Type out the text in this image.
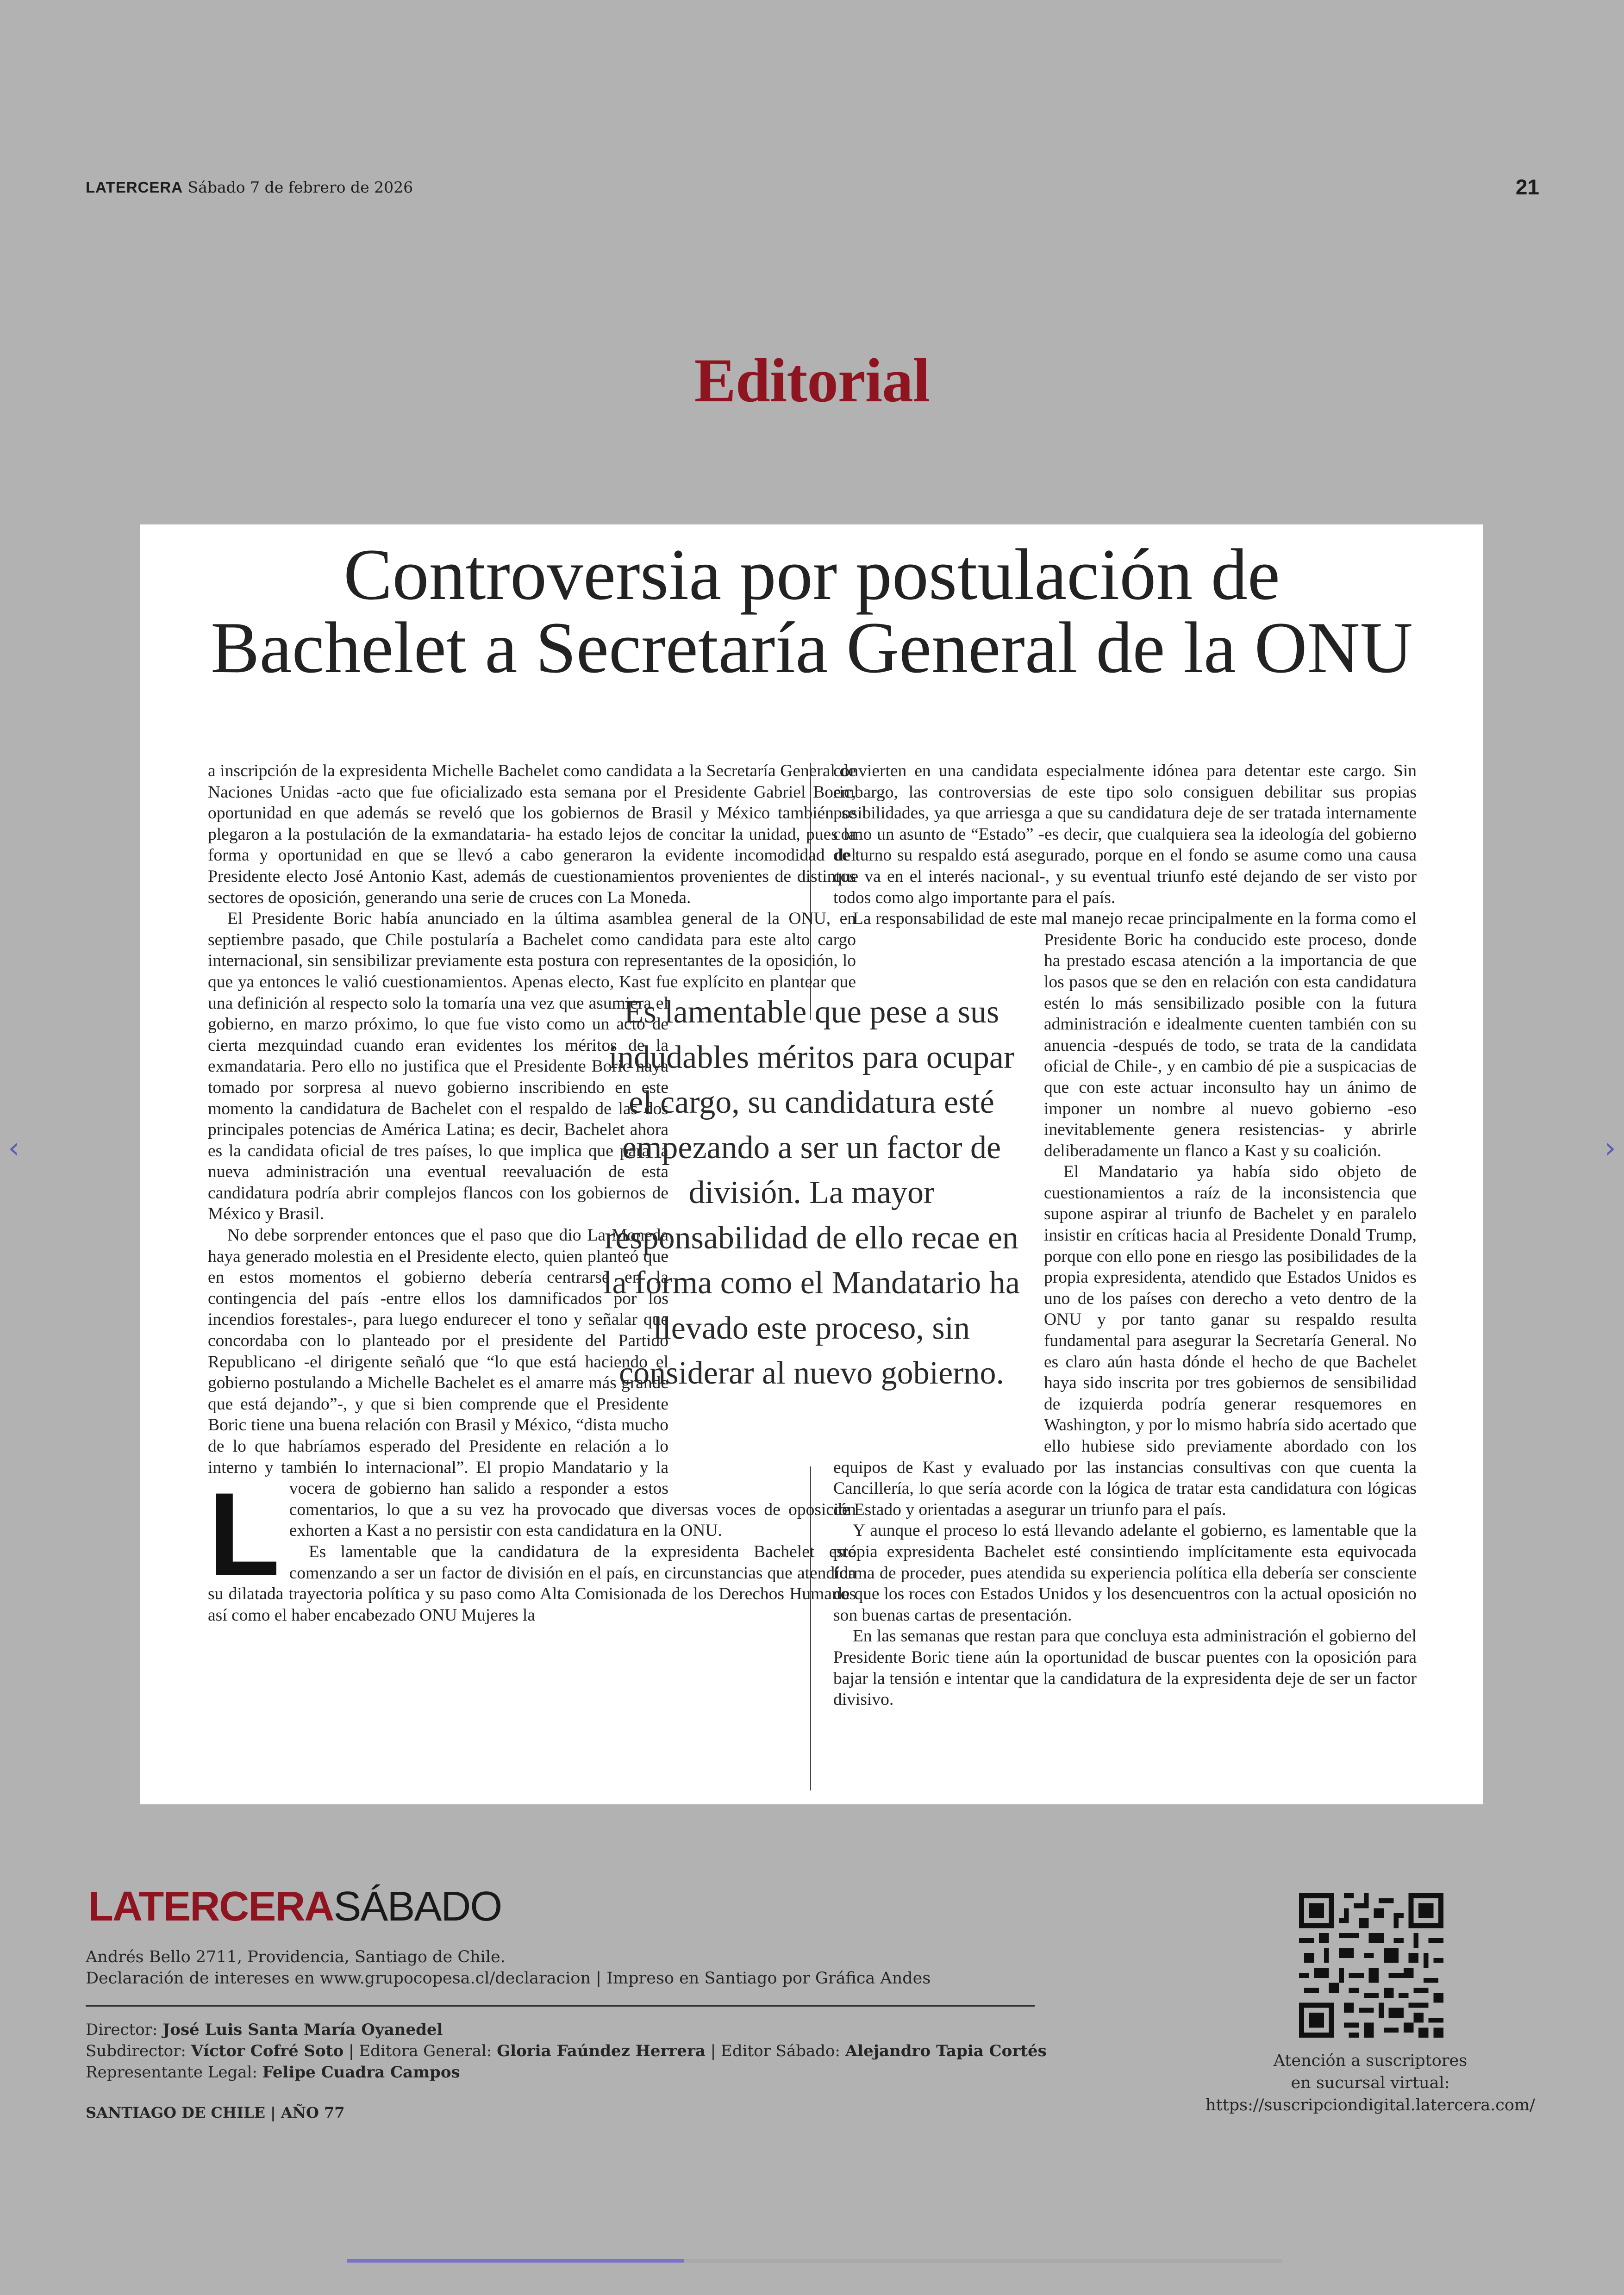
LATERCERA Sábado 7 de febrero de 2026	21
Editorial
‹	›
Controversia por postulación de
Bachelet a Secretaría General de la ONU

L
a inscripción de la expresidenta Michelle Bachelet como candidata a la Secretaría General de Naciones Unidas -acto que fue oficializado esta semana por el Presidente Gabriel Boric, oportunidad en que además se reveló que los gobiernos de Brasil y México también se plegaron a la postulación de la exmandataria- ha estado lejos de concitar la unidad, pues la forma y oportunidad en que se llevó a cabo generaron la evidente incomodidad del Presidente electo José Antonio Kast, además de cuestionamientos provenientes de distintos sectores de oposición, generando una serie de cruces con La Moneda.

El Presidente Boric había anunciado en la última asamblea general de la ONU, en septiembre pasado, que Chile postularía a Bachelet como candidata para este alto cargo internacional, sin sensibilizar previamente esta postura con representantes de la oposición, lo que ya entonces le valió cuestionamientos. Apenas electo, Kast fue explícito en plantear que una definición al respecto solo la tomaría una vez que asumiera el gobierno, en marzo próximo, lo que fue visto como un acto de cierta mezquindad cuando eran evidentes los méritos de la exmandataria. Pero ello no justifica que el Presidente Boric haya tomado por sorpresa al nuevo gobierno inscribiendo en este momento la candidatura de Bachelet con el respaldo de las dos principales potencias de América Latina; es decir, Bachelet ahora es la candidata oficial de tres países, lo que implica que para la nueva administración una eventual reevaluación de esta candidatura podría abrir complejos flancos con los gobiernos de México y Brasil.

No debe sorprender entonces que el paso que dio La Moneda haya generado molestia en el Presidente electo, quien planteó que en estos momentos el gobierno debería centrarse en la contingencia del país -entre ellos los damnificados por los incendios forestales-, para luego endurecer el tono y señalar que concordaba con lo planteado por el presidente del Partido Republicano -el dirigente señaló que “lo que está haciendo el gobierno postulando a Michelle Bachelet es el amarre más grande que está dejando”-, y que si bien comprende que el Presidente Boric tiene una buena relación con Brasil y México, “dista mucho de lo que habríamos esperado del Presidente en relación a lo interno y también lo internacional”. El propio Mandatario y la vocera de gobierno han salido a responder a estos comentarios, lo que a su vez ha provocado que diversas voces de oposición exhorten a Kast a no persistir con esta candidatura en la ONU.

Es lamentable que la candidatura de la expresidenta Bachelet esté comenzando a ser un factor de división en el país, en circunstancias que atendida su dilatada trayectoria política y su paso como Alta Comisionada de los Derechos Humanos así como el haber encabezado ONU Mujeres la

convierten en una candidata especialmente idónea para detentar este cargo. Sin embargo, las controversias de este tipo solo consiguen debilitar sus propias posibilidades, ya que arriesga a que su candidatura deje de ser tratada internamente como un asunto de “Estado” -es decir, que cualquiera sea la ideología del gobierno de turno su respaldo está asegurado, porque en el fondo se asume como una causa que va en el interés nacional-, y su eventual triunfo esté dejando de ser visto por todos como algo importante para el país.

La responsabilidad de este mal manejo recae principalmente en la forma como el Presidente Boric ha conducido este proceso, donde ha prestado escasa atención a la importancia de que los pasos que se den en relación con esta candidatura estén lo más sensibilizado posible con la futura administración e idealmente cuenten también con su anuencia -después de todo, se trata de la candidata oficial de Chile-, y en cambio dé pie a suspicacias de que con este actuar inconsulto hay un ánimo de imponer un nombre al nuevo gobierno -eso inevitablemente genera resistencias- y abrirle deliberadamente un flanco a Kast y su coalición.

El Mandatario ya había sido objeto de cuestionamientos a raíz de la inconsistencia que supone aspirar al triunfo de Bachelet y en paralelo insistir en críticas hacia al Presidente Donald Trump, porque con ello pone en riesgo las posibilidades de la propia expresidenta, atendido que Estados Unidos es uno de los países con derecho a veto dentro de la ONU y por tanto ganar su respaldo resulta fundamental para asegurar la Secretaría General. No es claro aún hasta dónde el hecho de que Bachelet haya sido inscrita por tres gobiernos de sensibilidad de izquierda podría generar resquemores en Washington, y por lo mismo habría sido acertado que ello hubiese sido previamente abordado con los equipos de Kast y evaluado por las instancias consultivas con que cuenta la Cancillería, lo que sería acorde con la lógica de tratar esta candidatura con lógicas de Estado y orientadas a asegurar un triunfo para el país.

Y aunque el proceso lo está llevando adelante el gobierno, es lamentable que la propia expresidenta Bachelet esté consintiendo implícitamente esta equivocada forma de proceder, pues atendida su experiencia política ella debería ser consciente de que los roces con Estados Unidos y los desencuentros con la actual oposición no son buenas cartas de presentación.

En las semanas que restan para que concluya esta administración el gobierno del Presidente Boric tiene aún la oportunidad de buscar puentes con la oposición para bajar la tensión e intentar que la candidatura de la expresidenta deje de ser un factor divisivo.

Es lamentable que pese a sus indudables méritos para ocupar el cargo, su candidatura esté empezando a ser un factor de división. La mayor responsabilidad de ello recae en la forma como el Mandatario ha llevado este proceso, sin considerar al nuevo gobierno.
LATERCERASÁBADO
Andrés Bello 2711, Providencia, Santiago de Chile.
Declaración de intereses en www.grupocopesa.cl/declaracion | Impreso en Santiago por Gráfica Andes
Director: José Luis Santa María Oyanedel
Subdirector: Víctor Cofré Soto | Editora General: Gloria Faúndez Herrera | Editor Sábado: Alejandro Tapia Cortés
Representante Legal: Felipe Cuadra Campos
SANTIAGO DE CHILE | AÑO 77
Atención a suscriptores
en sucursal virtual:
https://suscripciondigital.latercera.com/
